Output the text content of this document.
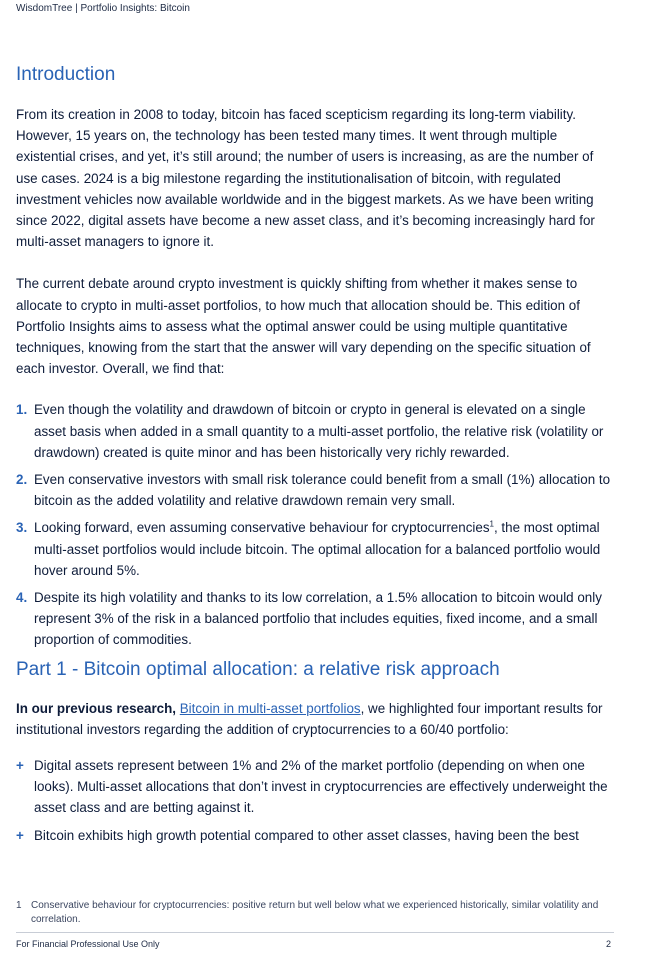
WisdomTree | Portfolio Insights: Bitcoin
Introduction

From its creation in 2008 to today, bitcoin has faced scepticism regarding its long-term viability. However, 15 years on, the technology has been tested many times. It went through multiple existential crises, and yet, it’s still around; the number of users is increasing, as are the number of use cases. 2024 is a big milestone regarding the institutionalisation of bitcoin, with regulated investment vehicles now available worldwide and in the biggest markets. As we have been writing since 2022, digital assets have become a new asset class, and it’s becoming increasingly hard for multi-asset managers to ignore it.

The current debate around crypto investment is quickly shifting from whether it makes sense to allocate to crypto in multi-asset portfolios, to how much that allocation should be. This edition of Portfolio Insights aims to assess what the optimal answer could be using multiple quantitative techniques, knowing from the start that the answer will vary depending on the specific situation of each investor. Overall, we find that:

1. Even though the volatility and drawdown of bitcoin or crypto in general is elevated on a single asset basis when added in a small quantity to a multi-asset portfolio, the relative risk (volatility or drawdown) created is quite minor and has been historically very richly rewarded.
2. Even conservative investors with small risk tolerance could benefit from a small (1%) allocation to bitcoin as the added volatility and relative drawdown remain very small.
3. Looking forward, even assuming conservative behaviour for cryptocurrencies$^1$, the most optimal multi-asset portfolios would include bitcoin. The optimal allocation for a balanced portfolio would hover around 5%.
4. Despite its high volatility and thanks to its low correlation, a 1.5% allocation to bitcoin would only represent 3% of the risk in a balanced portfolio that includes equities, fixed income, and a small proportion of commodities.
Part 1 - Bitcoin optimal allocation: a relative risk approach

In our previous research, Bitcoin in multi-asset portfolios, we highlighted four important results for institutional investors regarding the addition of cryptocurrencies to a 60/40 portfolio:

+ Digital assets represent between 1% and 2% of the market portfolio (depending on when one looks). Multi-asset allocations that don’t invest in cryptocurrencies are effectively underweight the asset class and are betting against it.
+ Bitcoin exhibits high growth potential compared to other asset classes, having been the best
1 Conservative behaviour for cryptocurrencies: positive return but well below what we experienced historically, similar volatility and correlation.
For Financial Professional Use Only	2
